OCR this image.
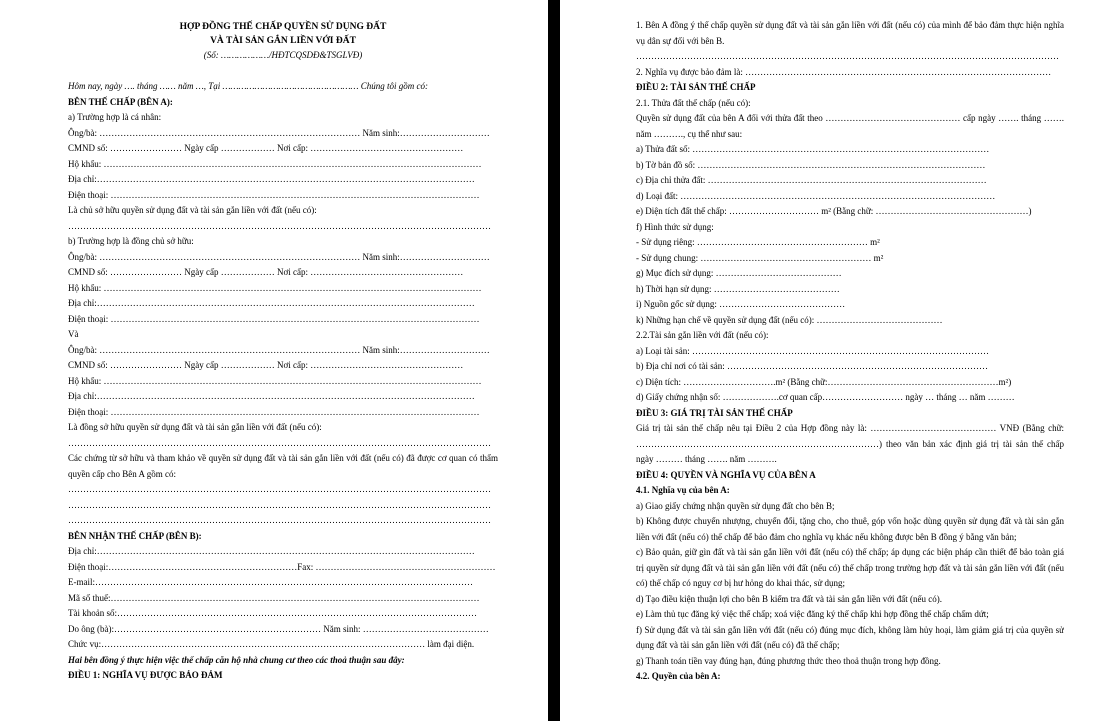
HỢP ĐỒNG THẾ CHẤP QUYỀN SỬ DỤNG ĐẤT

VÀ TÀI SẢN GẮN LIỀN VỚI ĐẤT

(Số: ………………/HĐTCQSDĐ&TSGLVĐ)

Hôm nay, ngày …. tháng …… năm …, Tại …………………………………………… Chúng tôi gồm có:

BÊN THẾ CHẤP (BÊN A):

a) Trường hợp là cá nhân:

Ông/bà: …………………………………………………………………………… Năm sinh:…………………………

CMND số: …………………… Ngày cấp ……………… Nơi cấp: ……………………………………………

Hộ khẩu: ………………………………………………………………………………………………………………

Địa chỉ:………………………………………………………………………………………………………………

Điện thoại: ……………………………………………………………………………………………………………

Là chủ sở hữu quyền sử dụng đất và tài sản gắn liền với đất (nếu có):

……………………………………………………………………………………………………………………………

b) Trường hợp là đồng chủ sở hữu:

Ông/bà: …………………………………………………………………………… Năm sinh:…………………………

CMND số: …………………… Ngày cấp ……………… Nơi cấp: ……………………………………………

Hộ khẩu: ………………………………………………………………………………………………………………

Địa chỉ:………………………………………………………………………………………………………………

Điện thoại: ……………………………………………………………………………………………………………

Và

Ông/bà: …………………………………………………………………………… Năm sinh:…………………………

CMND số: …………………… Ngày cấp ……………… Nơi cấp: ……………………………………………

Hộ khẩu: ………………………………………………………………………………………………………………

Địa chỉ:………………………………………………………………………………………………………………

Điện thoại: ……………………………………………………………………………………………………………

Là đồng sở hữu quyền sử dụng đất và tài sản gắn liền với đất (nếu có):

……………………………………………………………………………………………………………………………

Các chứng từ sở hữu và tham khảo về quyền sử dụng đất và tài sản gắn liền với đất (nếu có) đã được cơ quan có thẩm quyền cấp cho Bên A gồm có:

……………………………………………………………………………………………………………………………

……………………………………………………………………………………………………………………………

……………………………………………………………………………………………………………………………

BÊN NHẬN THẾ CHẤP (BÊN B):

Địa chỉ:………………………………………………………………………………………………………………

Điện thoại:………………………………………………………Fax: ……………………………………………………

E-mail:………………………………………………………………………………………………………………

Mã số thuế:……………………………………………………………………………………………………………

Tài khoản số:…………………………………………………………………………………………………………

Do ông (bà):…………………………………………………………… Năm sinh: ……………………………………

Chức vụ:……………………………………………………………………………………………… làm đại diện.

Hai bên đồng ý thực hiện việc thế chấp căn hộ nhà chung cư theo các thoả thuận sau đây:

ĐIỀU 1: NGHĨA VỤ ĐƯỢC BẢO ĐẢM

1. Bên A đồng ý thế chấp quyền sử dụng đất và tài sản gắn liền với đất (nếu có) của mình để bảo đảm thực hiện nghĩa vụ dân sự đối với bên B.

……………………………………………………………………………………………………………………………

2. Nghĩa vụ được bảo đảm là: …………………………………………………………………………………………

ĐIỀU 2: TÀI SẢN THẾ CHẤP

2.1. Thửa đất thế chấp (nếu có):

Quyền sử dụng đất của bên A đối với thửa đất theo ……………………………………… cấp ngày ……. tháng ……. năm ………., cụ thể như sau:

a) Thửa đất số: ………………………………………………………………………………………

b) Tờ bản đồ số: ……………………………………………………………………………………

c) Địa chỉ thửa đất: …………………………………………………………………………………

d) Loại đất: ……………………………………………………………………………………………

e) Diện tích đất thế chấp: ………………………… m² (Bằng chữ: ……………………………………………)

f) Hình thức sử dụng:

- Sử dụng riêng: ………………………………………………… m²

- Sử dụng chung: ………………………………………………… m²

g) Mục đích sử dụng: ……………………………………

h) Thời hạn sử dụng: ……………………………………

i) Nguồn gốc sử dụng: ……………………………………

k) Những hạn chế về quyền sử dụng đất (nếu có): ……………………………………

2.2.Tài sản gắn liền với đất (nếu có):

a) Loại tài sản: ………………………………………………………………………………………

b) Địa chỉ nơi có tài sản: ……………………………………………………………………………

c) Diện tích: ………………………….m² (Bằng chữ:…………………………………………………m²)

d) Giấy chứng nhận số: ……………….cơ quan cấp……………………… ngày … tháng … năm ………

ĐIỀU 3: GIÁ TRỊ TÀI SẢN THẾ CHẤP

Giá trị tài sản thế chấp nêu tại Điều 2 của Hợp đồng này là: …………………………………… VNĐ (Bằng chữ: ………………………………………………………………………) theo văn bản xác định giá trị tài sản thế chấp ngày ……… tháng ……. năm ……….

ĐIỀU 4: QUYỀN VÀ NGHĨA VỤ CỦA BÊN A

4.1. Nghĩa vụ của bên A:

a) Giao giấy chứng nhận quyền sử dụng đất cho bên B;

b) Không được chuyển nhượng, chuyển đổi, tặng cho, cho thuê, góp vốn hoặc dùng quyền sử dụng đất và tài sản gắn liền với đất (nếu có) thế chấp để bảo đảm cho nghĩa vụ khác nếu không được bên B đồng ý bằng văn bản;

c) Bảo quản, giữ gìn đất và tài sản gắn liền với đất (nếu có) thế chấp; áp dụng các biện pháp cần thiết để bảo toàn giá trị quyền sử dụng đất và tài sản gắn liền với đất (nếu có) thế chấp trong trường hợp đất và tài sản gắn liền với đất (nếu có) thế chấp có nguy cơ bị hư hỏng do khai thác, sử dụng;

d) Tạo điều kiện thuận lợi cho bên B kiểm tra đất và tài sản gắn liền với đất (nếu có).

e) Làm thủ tục đăng ký việc thế chấp; xoá việc đăng ký thế chấp khi hợp đồng thế chấp chấm dứt;

f) Sử dụng đất và tài sản gắn liền với đất (nếu có) đúng mục đích, không làm hủy hoại, làm giảm giá trị của quyền sử dụng đất và tài sản gắn liền với đất (nếu có) đã thế chấp;

g) Thanh toán tiền vay đúng hạn, đúng phương thức theo thoả thuận trong hợp đồng.

4.2. Quyền của bên A:
